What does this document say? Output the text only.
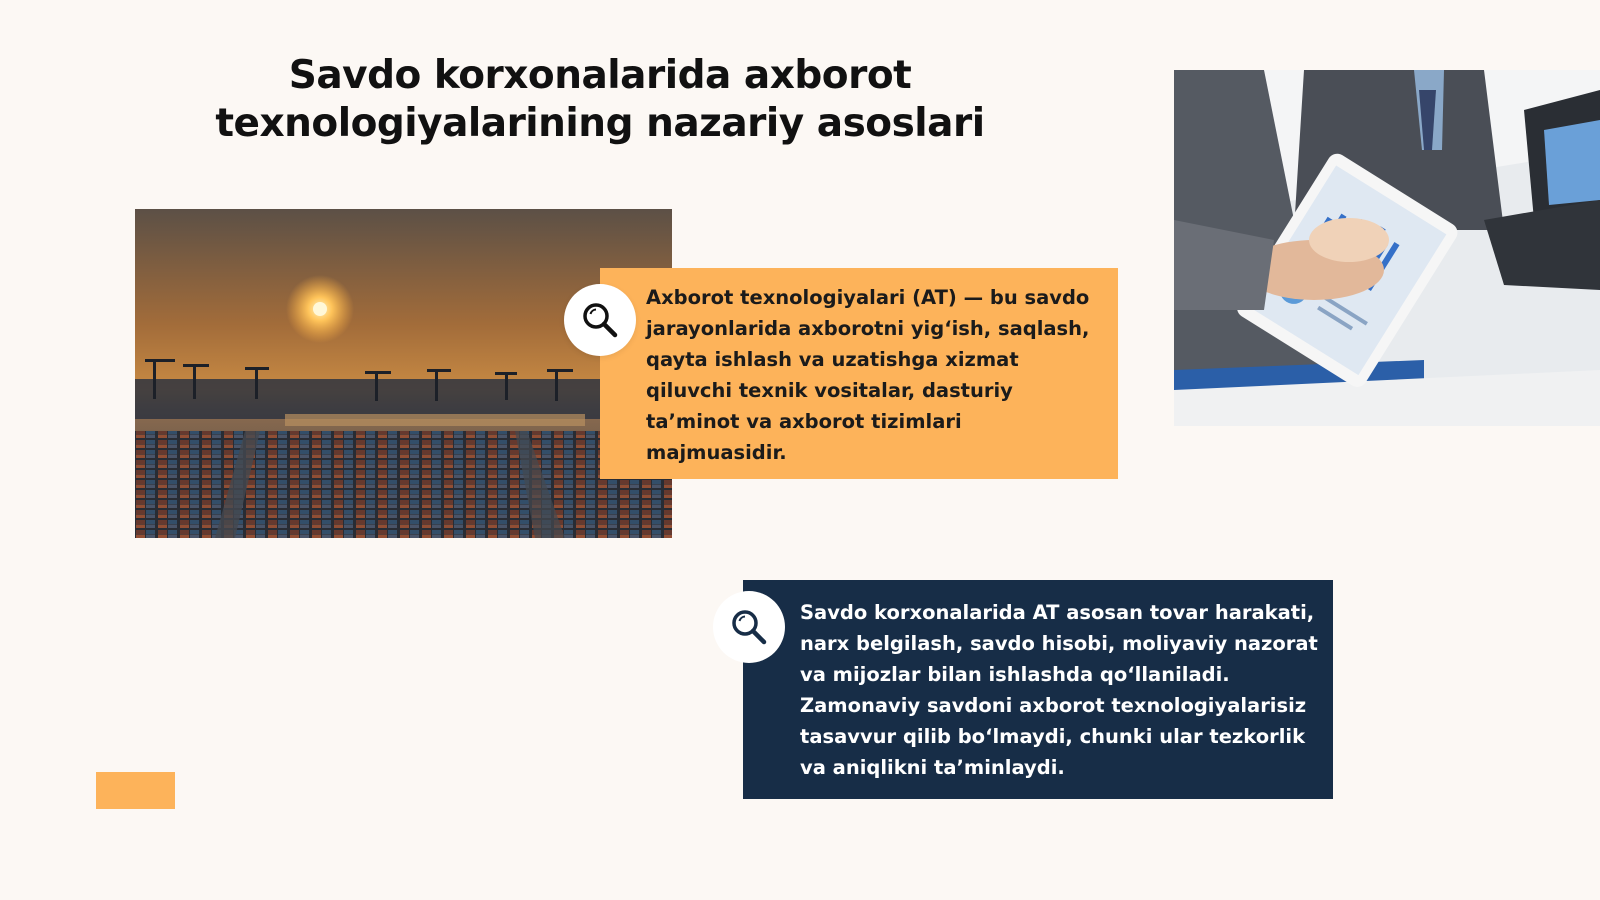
Savdo korxonalarida axborot
texnologiyalarining nazariy asoslari

Axborot texnologiyalari (AT) — bu savdo jarayonlarida axborotni yig‘ish, saqlash, qayta ishlash va uzatishga xizmat qiluvchi texnik vositalar, dasturiy ta’minot va axborot tizimlari majmuasidir.

Savdo korxonalarida AT asosan tovar harakati, narx belgilash, savdo hisobi, moliyaviy nazorat va mijozlar bilan ishlashda qo‘llaniladi. Zamonaviy savdoni axborot texnologiyalarisiz tasavvur qilib bo‘lmaydi, chunki ular tezkorlik va aniqlikni ta’minlaydi.
